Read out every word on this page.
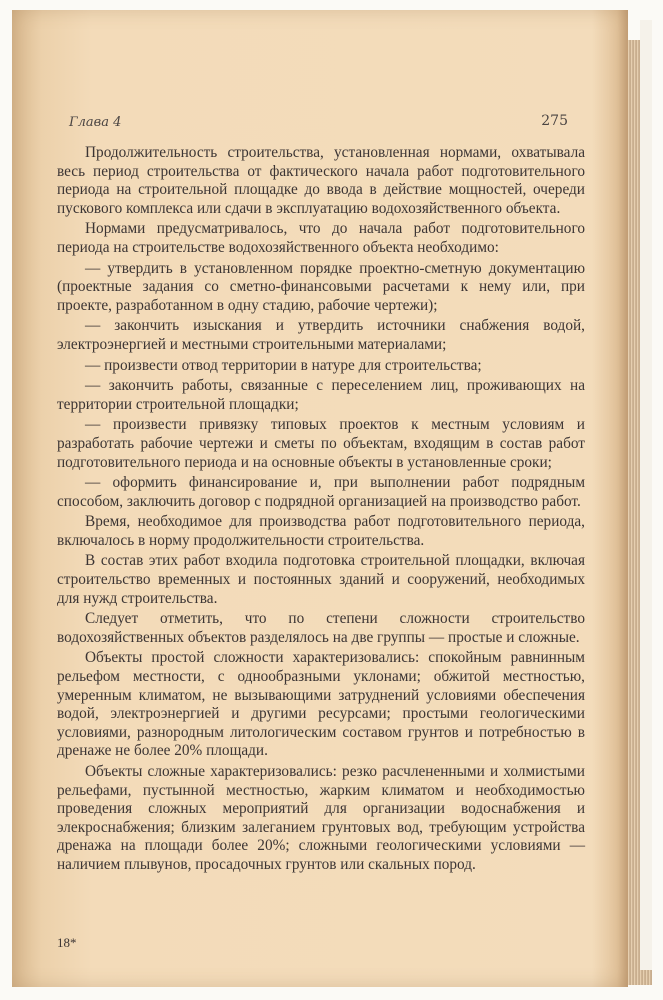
Глава 4	275

Продолжительность строительства, установленная нормами, охватывала весь период строительства от фактического начала работ подготовительного периода на строительной площадке до ввода в действие мощностей, очереди пускового комплекса или сдачи в эксплуатацию водохозяйственного объекта.

Нормами предусматривалось, что до начала работ подготовительного периода на строительстве водохозяйственного объекта необходимо:

— утвердить в установленном порядке проектно-сметную документацию (проектные задания со сметно-финансовыми расчетами к нему или, при проекте, разработанном в одну стадию, рабочие чертежи);

— закончить изыскания и утвердить источники снабжения водой, электроэнергией и местными строительными материалами;

— произвести отвод территории в натуре для строительства;

— закончить работы, связанные с переселением лиц, проживающих на территории строительной площадки;

— произвести привязку типовых проектов к местным условиям и разработать рабочие чертежи и сметы по объектам, входящим в состав работ подготовительного периода и на основные объекты в установленные сроки;

— оформить финансирование и, при выполнении работ подрядным способом, заключить договор с подрядной организацией на производство работ.

Время, необходимое для производства работ подготовительного периода, включалось в норму продолжительности строительства.

В состав этих работ входила подготовка строительной площадки, включая строительство временных и постоянных зданий и сооружений, необходимых для нужд строительства.

Следует отметить, что по степени сложности строительство водохозяйственных объектов разделялось на две группы — простые и сложные.

Объекты простой сложности характеризовались: спокойным равнинным рельефом местности, с однообразными уклонами; обжитой местностью, умеренным климатом, не вызывающими затруднений условиями обеспечения водой, электроэнергией и другими ресурсами; простыми геологическими условиями, разнородным литологическим составом грунтов и потребностью в дренаже не более 20% площади.

Объекты сложные характеризовались: резко расчлененными и холмистыми рельефами, пустынной местностью, жарким климатом и необходимостью проведения сложных мероприятий для организации водоснабжения и элекроснабжения; близким залеганием грунтовых вод, требующим устройства дренажа на площади более 20%; сложными геологическими условиями — наличием плывунов, просадочных грунтов или скальных пород.

18*
